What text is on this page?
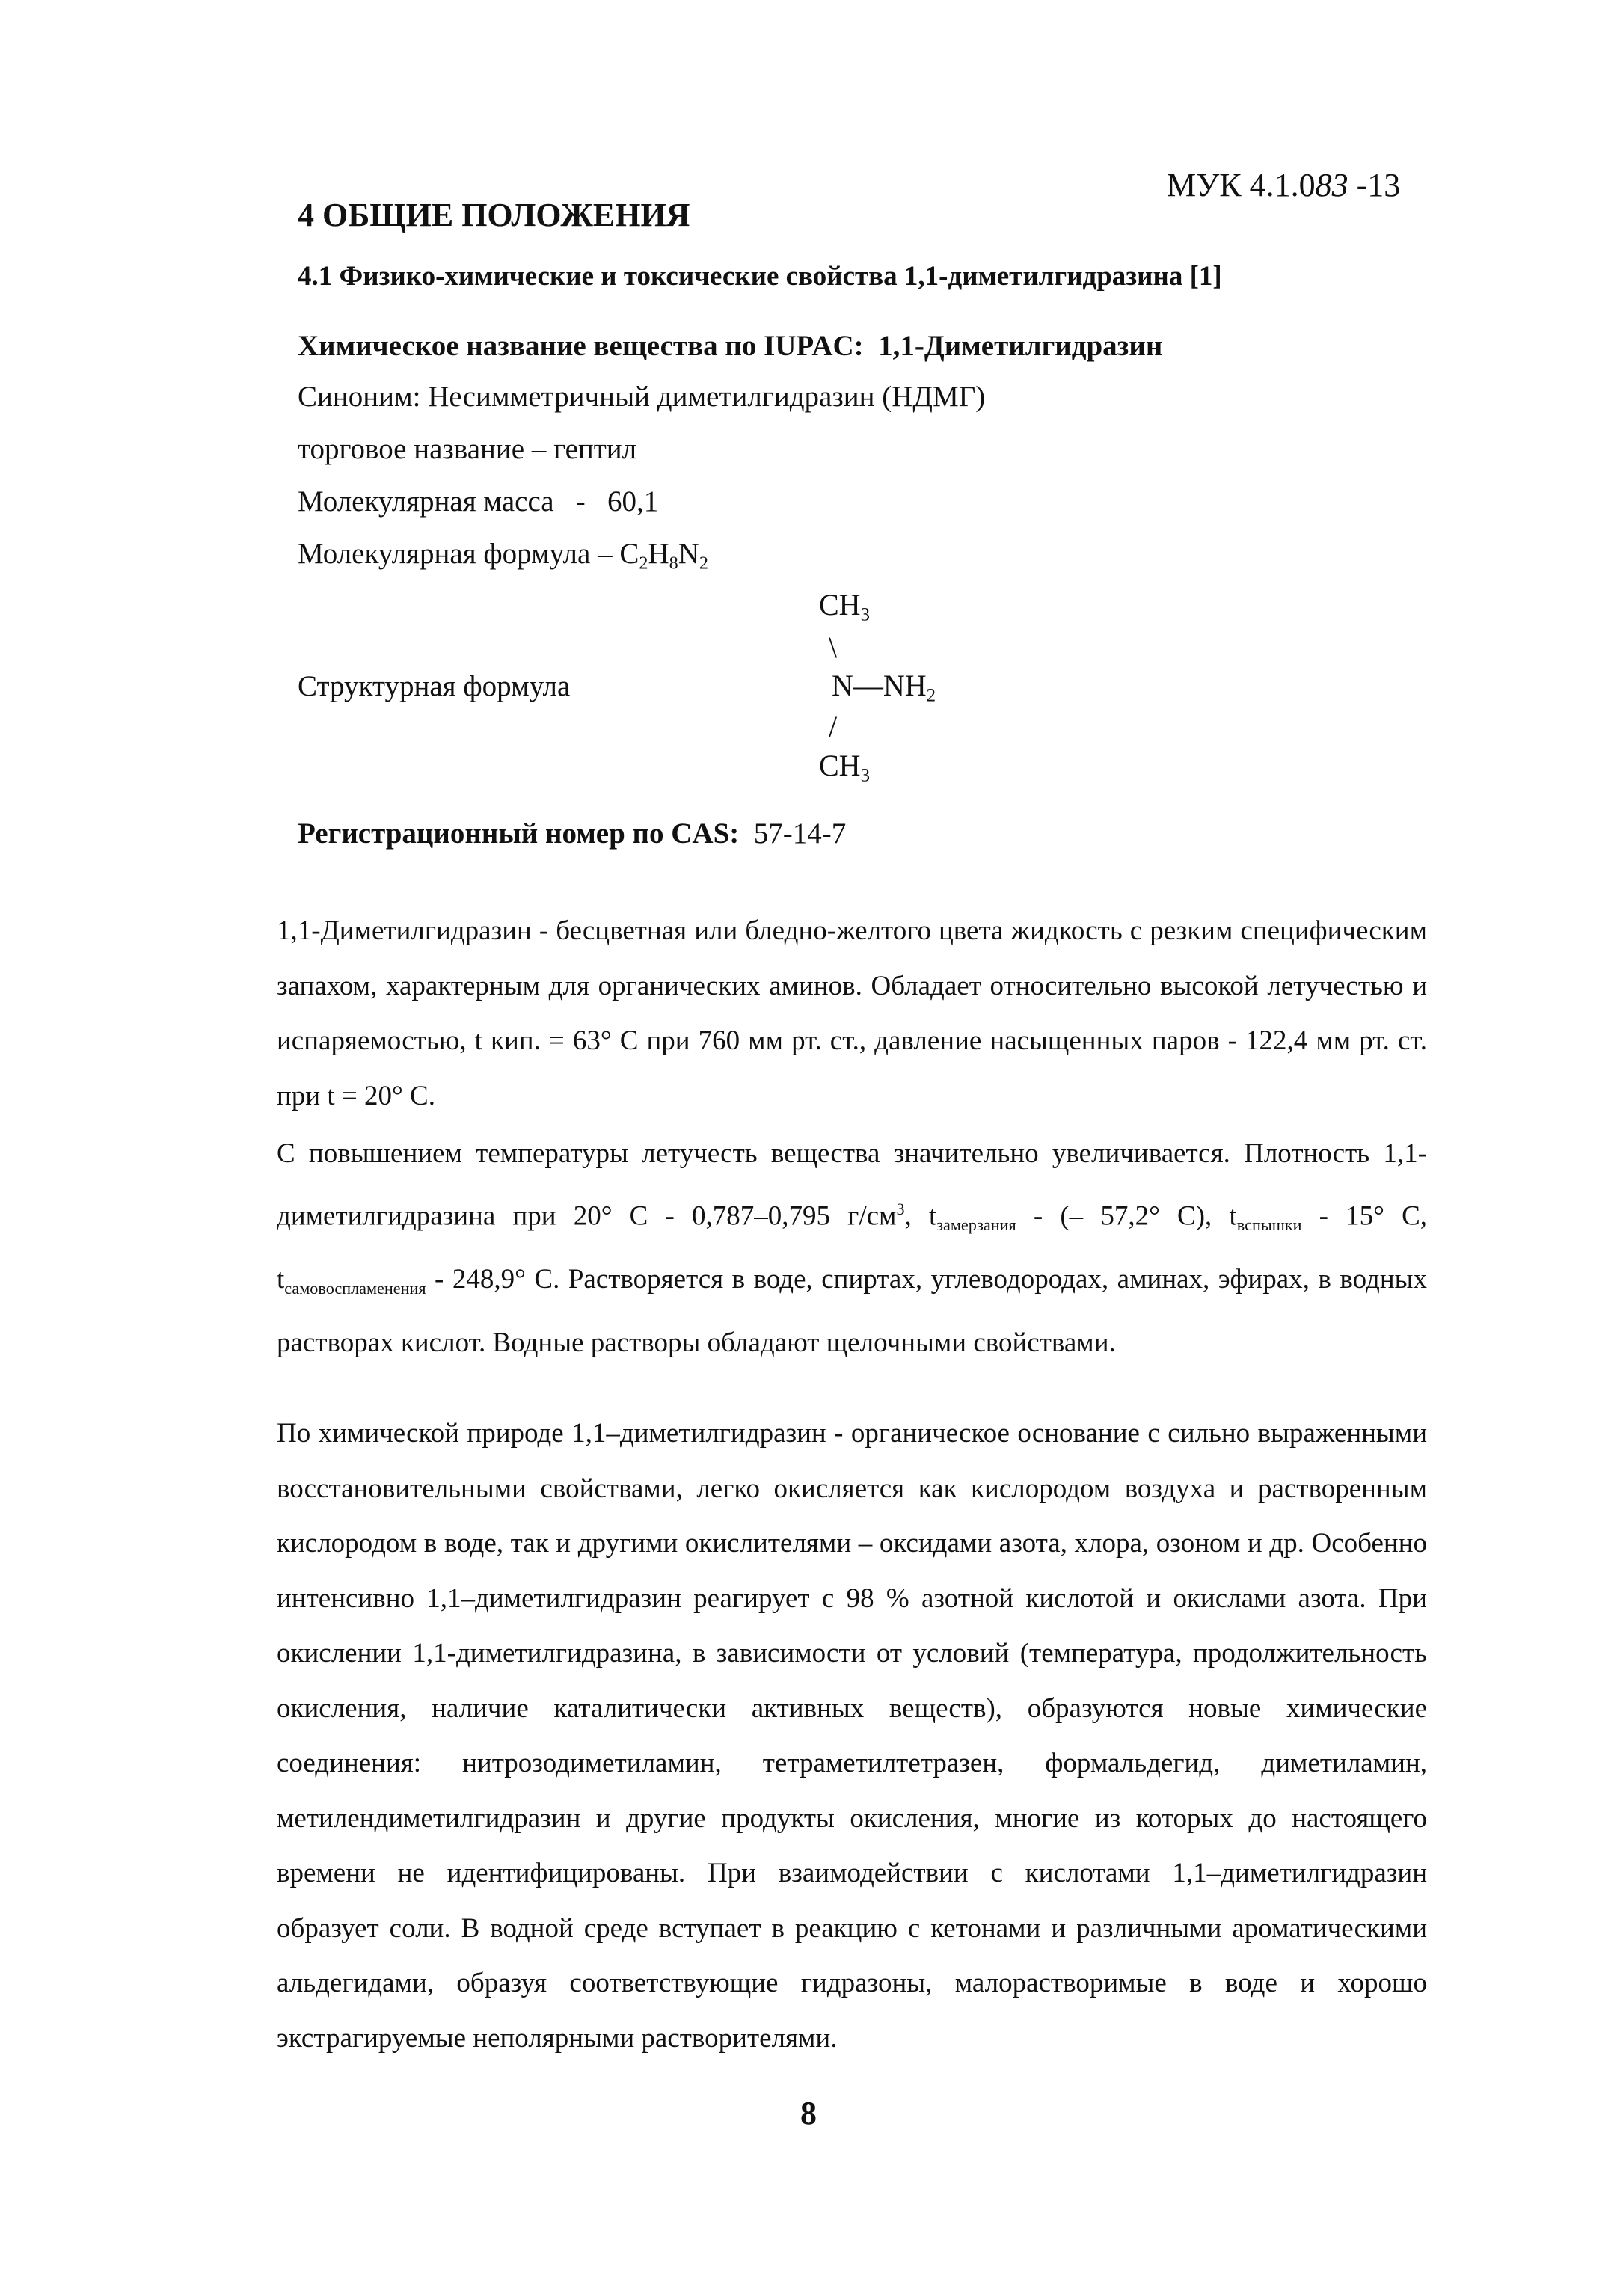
МУК 4.1.083 -13
4 ОБЩИЕ ПОЛОЖЕНИЯ
4.1 Физико-химические и токсические свойства 1,1-диметилгидразина [1]
Химическое название вещества по IUPAC: 1,1-Диметилгидразин
Синоним: Несимметричный диметилгидразин (НДМГ)
торговое название – гептил
Молекулярная масса - 60,1
Молекулярная формула – $C_2H_8N_2$
$CH_3$
\
Структурная формула	$N—NH_2$
/
$CH_3$
Регистрационный номер по CAS: 57-14-7
1,1-Диметилгидразин - бесцветная или бледно-желтого цвета жидкость с резким специфическим запахом, характерным для органических аминов. Обладает относительно высокой летучестью и испаряемостью, t кип. = 63° С при 760 мм рт. ст., давление насыщенных паров - 122,4 мм рт. ст. при t = 20° С.
С повышением температуры летучесть вещества значительно увеличивается. Плотность 1,1-диметилгидразина при 20° С - 0,787–0,795 $г/см^3$, $t_{замерзания}$ - (– 57,2° С), $t_{вспышки} - 15^\circ$ С, $t_{самовоспламенения} - 248,9^\circ$ С. Растворяется в воде, спиртах, углеводородах, аминах, эфирах, в водных растворах кислот. Водные растворы обладают щелочными свойствами.
По химической природе 1,1–диметилгидразин - органическое основание с сильно выраженными восстановительными свойствами, легко окисляется как кислородом воздуха и растворенным кислородом в воде, так и другими окислителями – оксидами азота, хлора, озоном и др. Особенно интенсивно 1,1–диметилгидразин реагирует с 98 % азотной кислотой и окислами азота. При окислении 1,1-диметилгидразина, в зависимости от условий (температура, продолжительность окисления, наличие каталитически активных веществ), образуются новые химические соединения: нитрозодиметиламин, тетраметилтетразен, формальдегид, диметиламин, метилендиметилгидразин и другие продукты окисления, многие из которых до настоящего времени не идентифицированы. При взаимодействии с кислотами 1,1–диметилгидразин образует соли. В водной среде вступает в реакцию с кетонами и различными ароматическими альдегидами, образуя соответствующие гидразоны, малорастворимые в воде и хорошо экстрагируемые неполярными растворителями.
8
